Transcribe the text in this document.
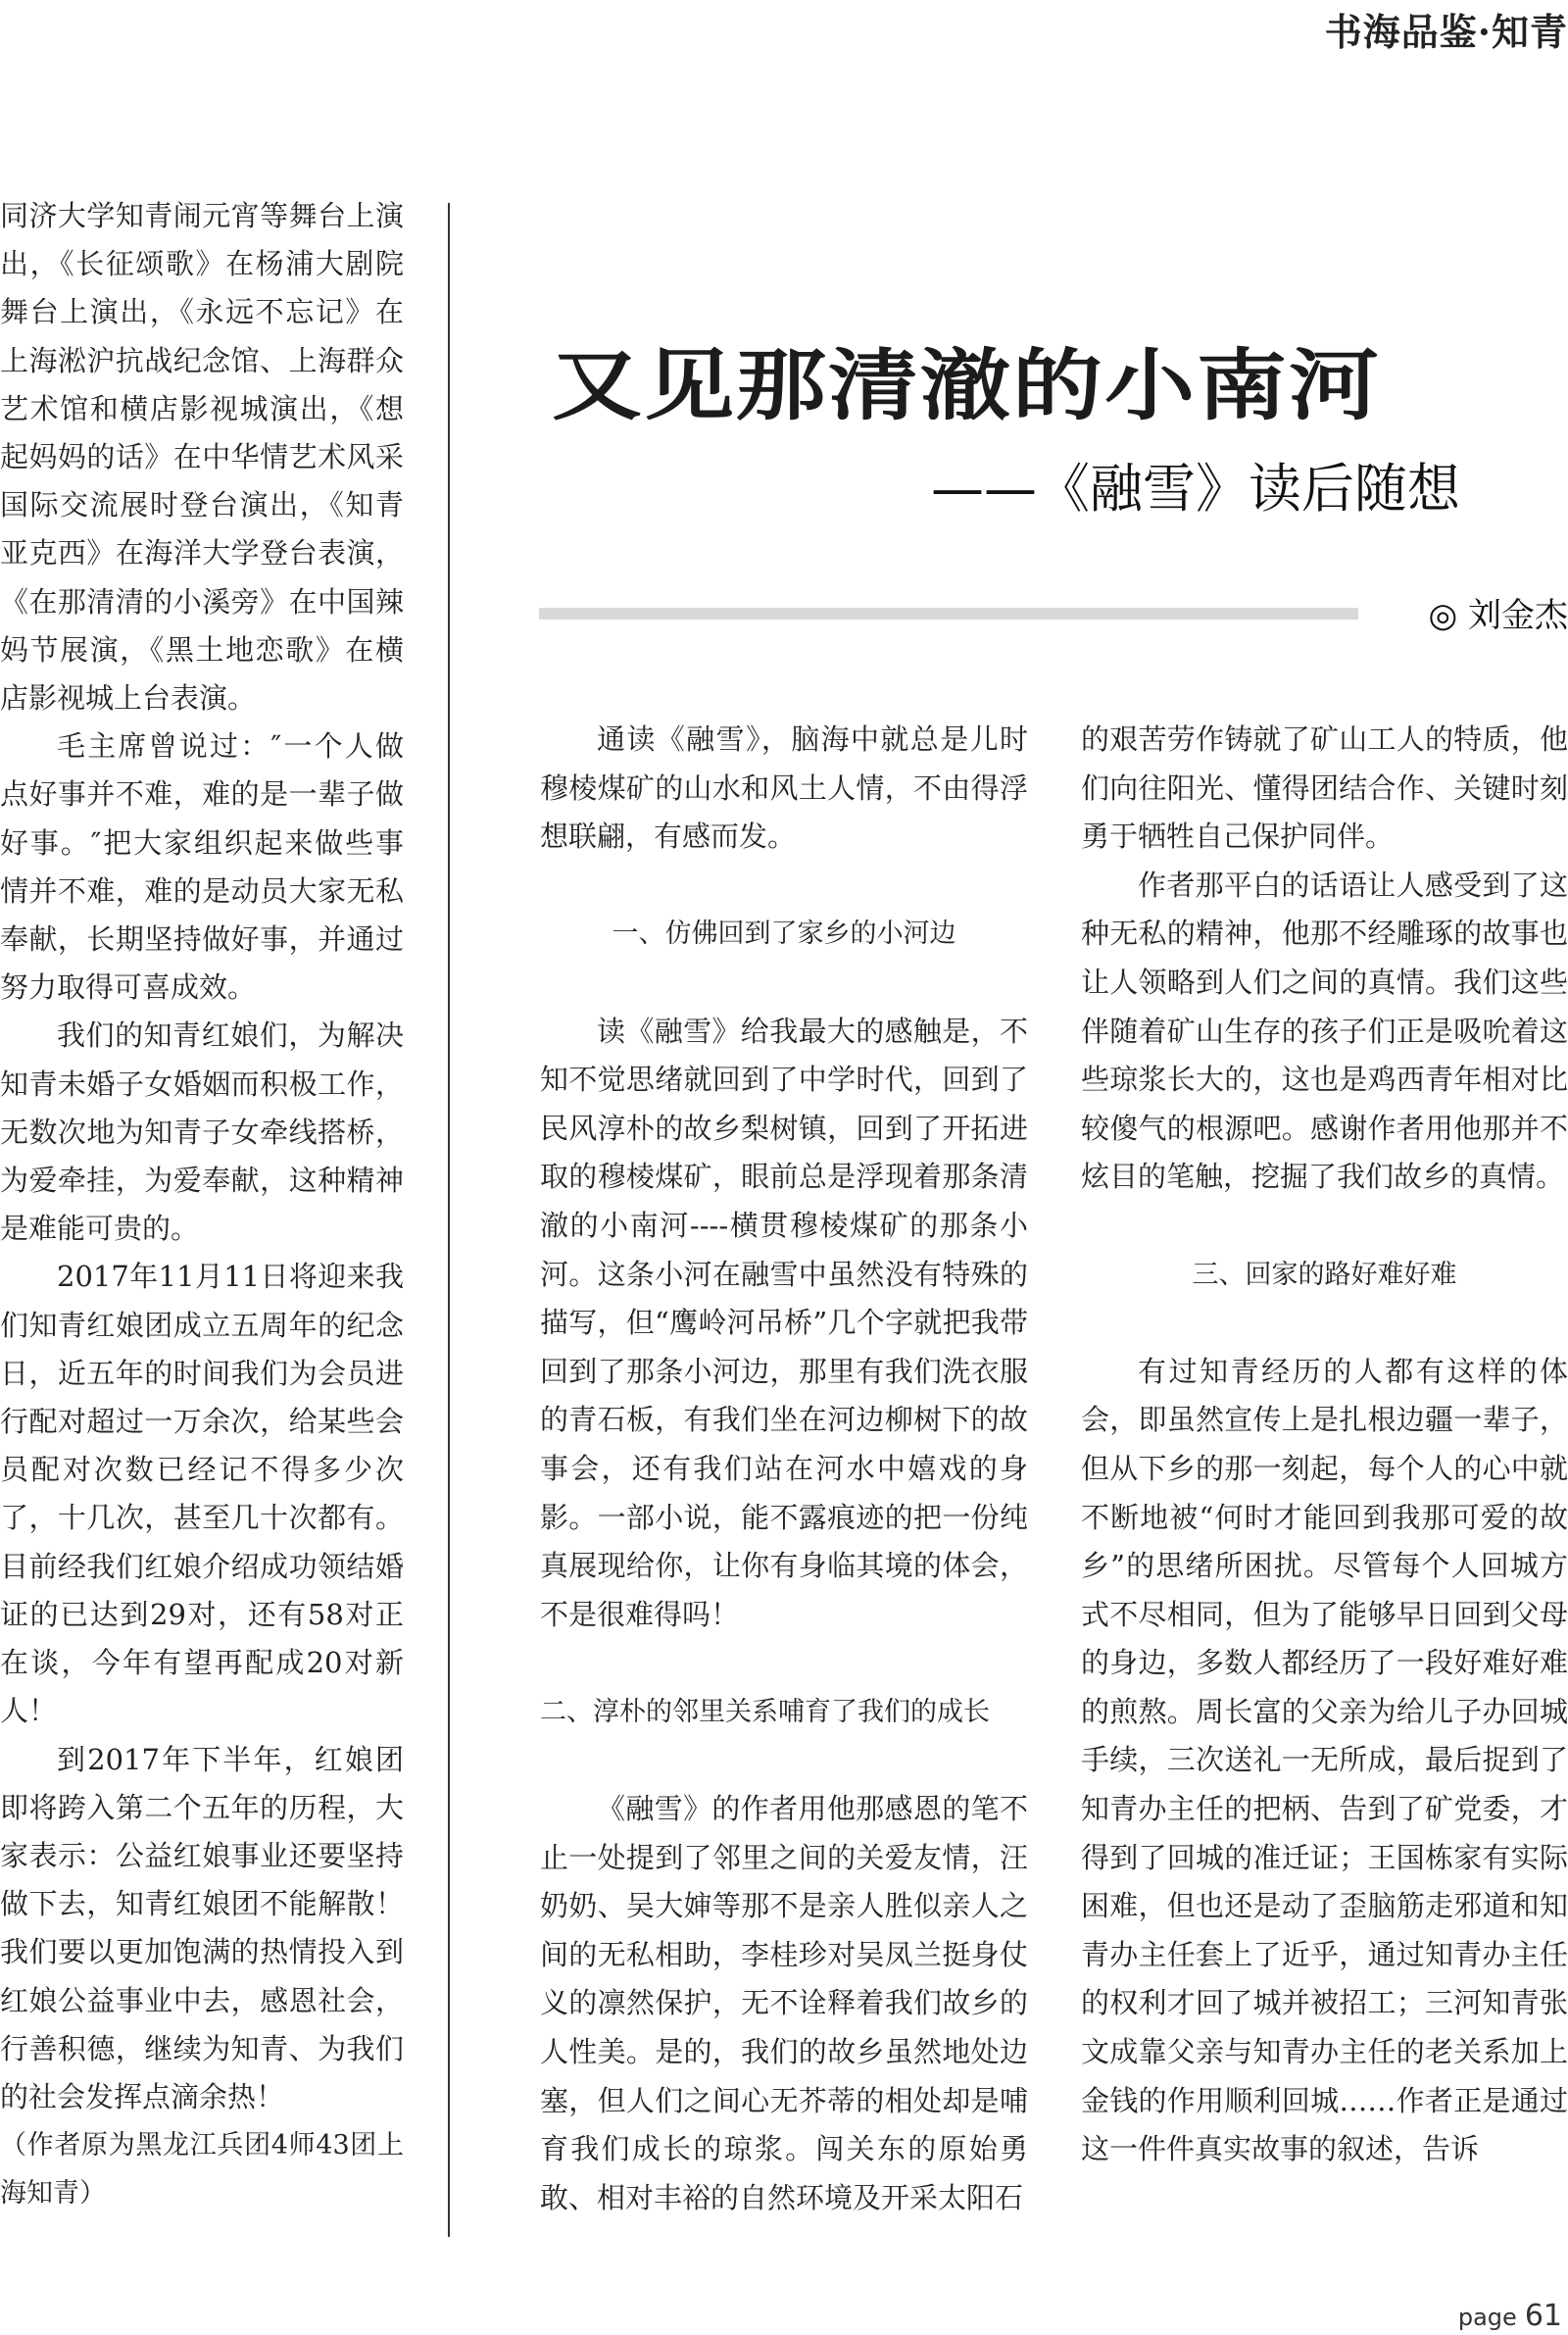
书海品鉴·知青

同济大学知青闹元宵等舞台上演出，《长征颂歌》在杨浦大剧院舞台上演出，《永远不忘记》在上海淞沪抗战纪念馆、上海群众艺术馆和横店影视城演出，《想起妈妈的话》在中华情艺术风采国际交流展时登台演出，《知青亚克西》在海洋大学登台表演，《在那清清的小溪旁》在中国辣妈节展演，《黑土地恋歌》在横店影视城上台表演。

毛主席曾说过：″一个人做点好事并不难，难的是一辈子做好事。″把大家组织起来做些事情并不难，难的是动员大家无私奉献，长期坚持做好事，并通过努力取得可喜成效。

我们的知青红娘们，为解决知青未婚子女婚姻而积极工作，无数次地为知青子女牵线搭桥，为爱牵挂，为爱奉献，这种精神是难能可贵的。

2017年11月11日将迎来我们知青红娘团成立五周年的纪念日，近五年的时间我们为会员进行配对超过一万余次，给某些会员配对次数已经记不得多少次了，十几次，甚至几十次都有。目前经我们红娘介绍成功领结婚证的已达到29对，还有58对正在谈，今年有望再配成20对新人！

到2017年下半年，红娘团即将跨入第二个五年的历程，大家表示：公益红娘事业还要坚持做下去，知青红娘团不能解散！我们要以更加饱满的热情投入到红娘公益事业中去，感恩社会，行善积德，继续为知青、为我们的社会发挥点滴余热！

（作者原为黑龙江兵团4师43团上海知青）

又见那清澈的小南河
——《融雪》读后随想
◎ 刘金杰

通读《融雪》，脑海中就总是儿时穆棱煤矿的山水和风土人情，不由得浮想联翩，有感而发。

一、仿佛回到了家乡的小河边

读《融雪》给我最大的感触是，不知不觉思绪就回到了中学时代，回到了民风淳朴的故乡梨树镇，回到了开拓进取的穆棱煤矿，眼前总是浮现着那条清澈的小南河----横贯穆棱煤矿的那条小河。这条小河在融雪中虽然没有特殊的描写，但“鹰岭河吊桥”几个字就把我带回到了那条小河边，那里有我们洗衣服的青石板，有我们坐在河边柳树下的故事会，还有我们站在河水中嬉戏的身影。一部小说，能不露痕迹的把一份纯真展现给你，让你有身临其境的体会，不是很难得吗！

二、淳朴的邻里关系哺育了我们的成长

《融雪》的作者用他那感恩的笔不止一处提到了邻里之间的关爱友情，汪奶奶、吴大婶等那不是亲人胜似亲人之间的无私相助，李桂珍对吴凤兰挺身仗义的凛然保护，无不诠释着我们故乡的人性美。是的，我们的故乡虽然地处边塞，但人们之间心无芥蒂的相处却是哺育我们成长的琼浆。闯关东的原始勇敢、相对丰裕的自然环境及开采太阳石

的艰苦劳作铸就了矿山工人的特质，他们向往阳光、懂得团结合作、关键时刻勇于牺牲自己保护同伴。

作者那平白的话语让人感受到了这种无私的精神，他那不经雕琢的故事也让人领略到人们之间的真情。我们这些伴随着矿山生存的孩子们正是吸吮着这些琼浆长大的，这也是鸡西青年相对比较傻气的根源吧。感谢作者用他那并不炫目的笔触，挖掘了我们故乡的真情。

三、回家的路好难好难

有过知青经历的人都有这样的体会，即虽然宣传上是扎根边疆一辈子，但从下乡的那一刻起，每个人的心中就不断地被“何时才能回到我那可爱的故乡”的思绪所困扰。尽管每个人回城方式不尽相同，但为了能够早日回到父母的身边，多数人都经历了一段好难好难的煎熬。周长富的父亲为给儿子办回城手续，三次送礼一无所成，最后捉到了知青办主任的把柄、告到了矿党委，才得到了回城的准迁证；王国栋家有实际困难，但也还是动了歪脑筋走邪道和知青办主任套上了近乎，通过知青办主任的权利才回了城并被招工；三河知青张文成靠父亲与知青办主任的老关系加上金钱的作用顺利回城……作者正是通过这一件件真实故事的叙述，告诉

page 61
